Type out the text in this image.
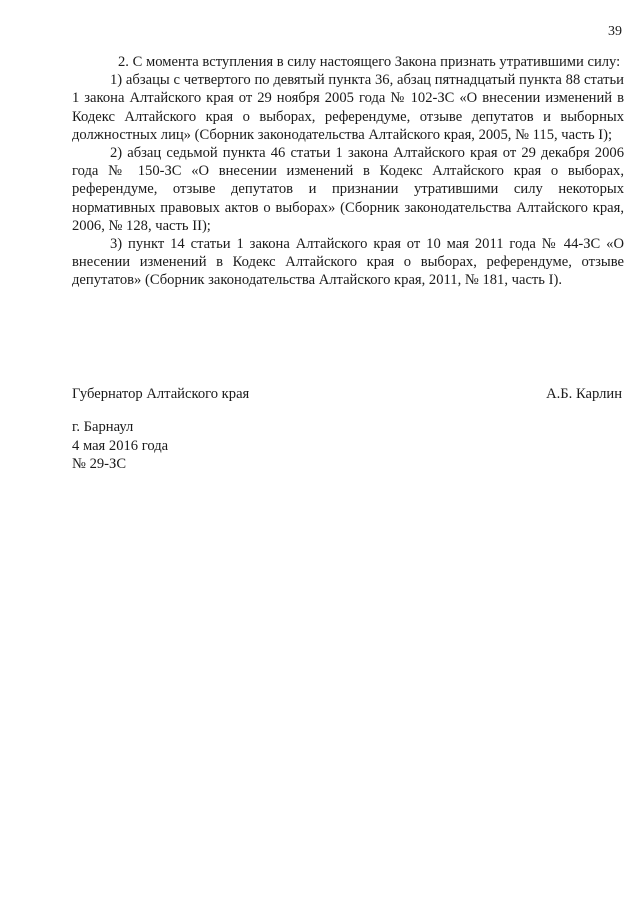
39

2. С момента вступления в силу настоящего Закона признать утратившими силу:

1) абзацы с четвертого по девятый пункта 36, абзац пятнадцатый пункта 88 статьи 1 закона Алтайского края от 29 ноября 2005 года № 102-ЗС «О внесении изменений в Кодекс Алтайского края о выборах, референдуме, отзыве депутатов и выборных должностных лиц» (Сборник законодательства Алтайского края, 2005, № 115, часть I);

2) абзац седьмой пункта 46 статьи 1 закона Алтайского края от 29 декабря 2006 года № 150-ЗС «О внесении изменений в Кодекс Алтайского края о выборах, референдуме, отзыве депутатов и признании утратившими силу некоторых нормативных правовых актов о выборах» (Сборник законодательства Алтайского края, 2006, № 128, часть II);

3) пункт 14 статьи 1 закона Алтайского края от 10 мая 2011 года № 44-ЗС «О внесении изменений в Кодекс Алтайского края о выборах, референдуме, отзыве депутатов» (Сборник законодательства Алтайского края, 2011, № 181, часть I).

Губернатор Алтайского края	А.Б. Карлин
г. Барнаул
4 мая 2016 года
№ 29-ЗС
